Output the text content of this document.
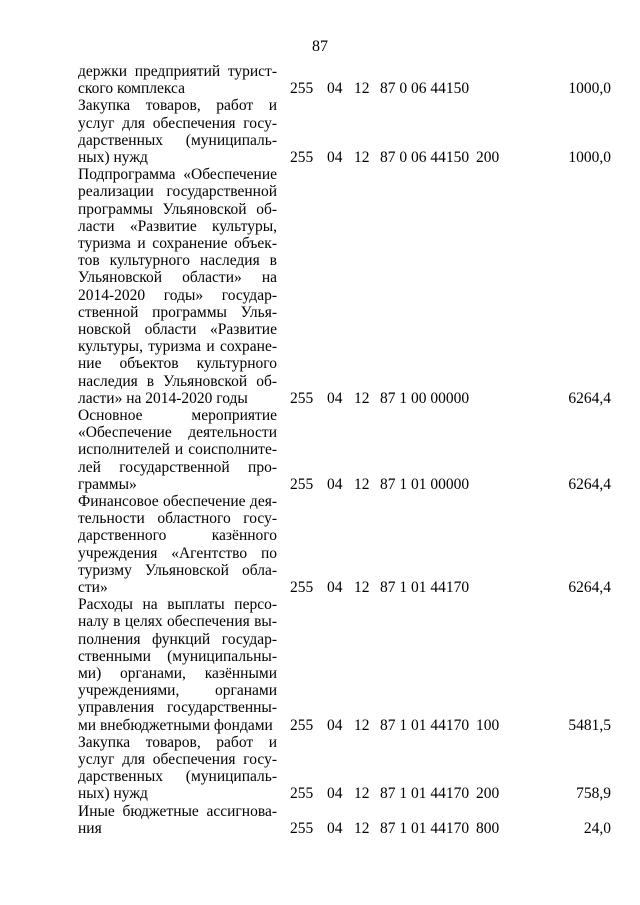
87
держки предприятий турист-
ского комплекса	255 04 12 87 0 06 44150	1000,0
Закупка товаров, работ и
услуг для обеспечения госу-
дарственных (муниципаль-
ных) нужд	255 04 12 87 0 06 44150 200	1000,0
Подпрограмма «Обеспечение
реализации государственной
программы Ульяновской об-
ласти «Развитие культуры,
туризма и сохранение объек-
тов культурного наследия в
Ульяновской области» на
2014-2020 годы» государ-
ственной программы Улья-
новской области «Развитие
культуры, туризма и сохране-
ние объектов культурного
наследия в Ульяновской об-
ласти» на 2014-2020 годы	255 04 12 87 1 00 00000	6264,4
Основное мероприятие
«Обеспечение деятельности
исполнителей и соисполните-
лей государственной про-
граммы»	255 04 12 87 1 01 00000	6264,4
Финансовое обеспечение дея-
тельности областного госу-
дарственного казённого
учреждения «Агентство по
туризму Ульяновской обла-
сти»	255 04 12 87 1 01 44170	6264,4
Расходы на выплаты персо-
налу в целях обеспечения вы-
полнения функций государ-
ственными (муниципальны-
ми) органами, казёнными
учреждениями, органами
управления государственны-
ми внебюджетными фондами 255 04 12 87 1 01 44170 100	5481,5
Закупка товаров, работ и
услуг для обеспечения госу-
дарственных (муниципаль-
ных) нужд	255 04 12 87 1 01 44170 200	758,9
Иные бюджетные ассигнова-
ния	255 04 12 87 1 01 44170 800	24,0
